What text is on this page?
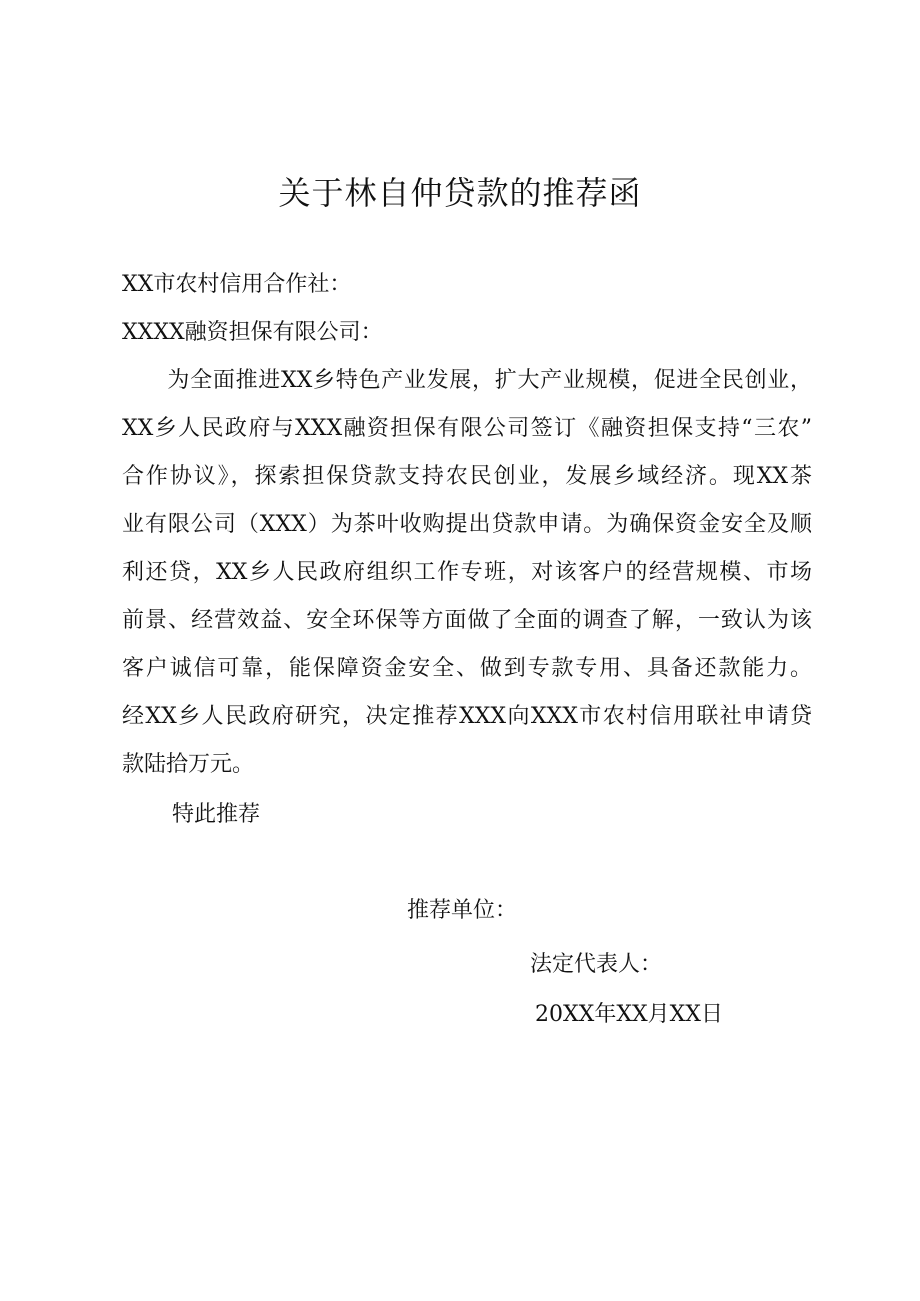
关于林自仲贷款的推荐函

XX市农村信用合作社：

XXXX融资担保有限公司：

　　为全面推进XX乡特色产业发展，扩大产业规模，促进全民创业，

XX乡人民政府与XXX融资担保有限公司签订《融资担保支持“三农”

合作协议》，探索担保贷款支持农民创业，发展乡域经济。现XX茶

业有限公司（XXX）为茶叶收购提出贷款申请。为确保资金安全及顺

利还贷，XX乡人民政府组织工作专班，对该客户的经营规模、市场

前景、经营效益、安全环保等方面做了全面的调查了解，一致认为该

客户诚信可靠，能保障资金安全、做到专款专用、具备还款能力。

经XX乡人民政府研究，决定推荐XXX向XXX市农村信用联社申请贷

款陆拾万元。

特此推荐

推荐单位：

法定代表人：

20XX年XX月XX日
